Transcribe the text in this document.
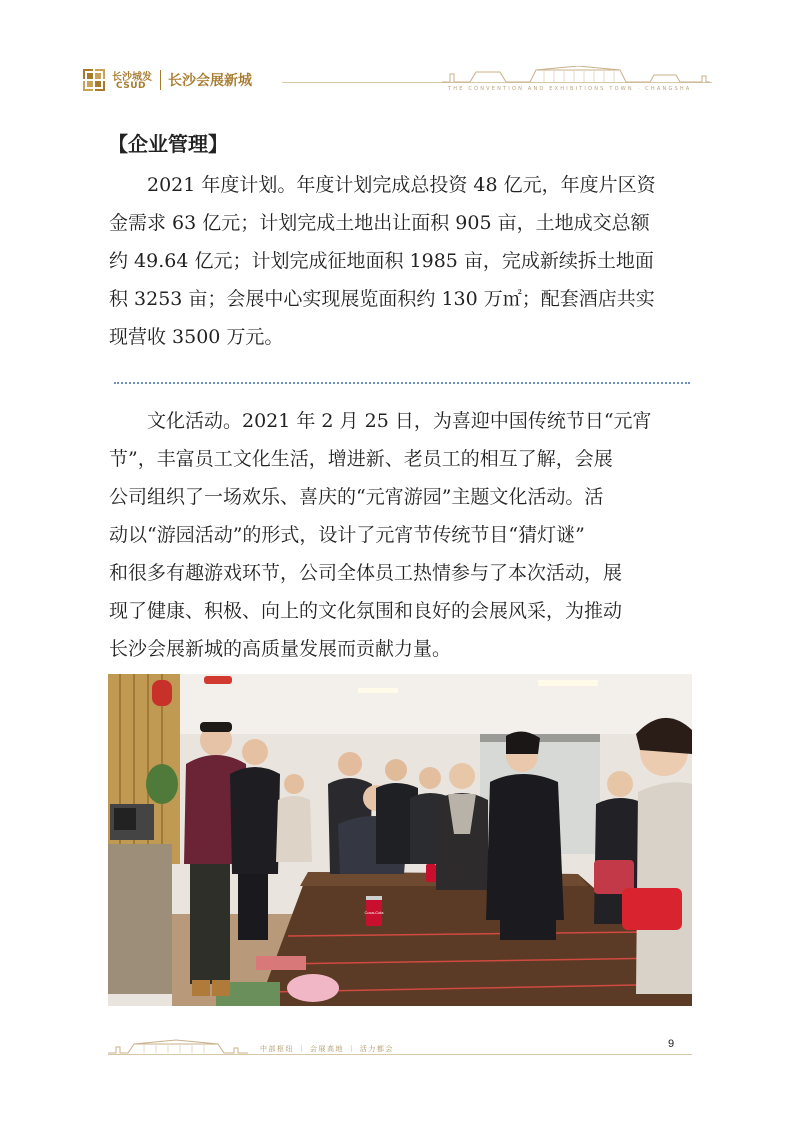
长沙城发
CSUD 长沙会展新城	THE CONVENTION AND EXHIBITIONS TOWN · CHANGSHA
【企业管理】

　　2021 年度计划。年度计划完成总投资 48 亿元，年度片区资
金需求 63 亿元；计划完成土地出让面积 905 亩，土地成交总额
约 49.64 亿元；计划完成征地面积 1985 亩，完成新续拆土地面
积 3253 亩；会展中心实现展览面积约 130 万㎡；配套酒店共实
现营收 3500 万元。

　　文化活动。2021 年 2 月 25 日，为喜迎中国传统节日“元宵
节”，丰富员工文化生活，增进新、老员工的相互了解，会展
公司组织了一场欢乐、喜庆的“元宵游园”主题文化活动。活
动以“游园活动”的形式，设计了元宵节传统节目“猜灯谜”
和很多有趣游戏环节，公司全体员工热情参与了本次活动，展
现了健康、积极、向上的文化氛围和良好的会展风采，为推动
长沙会展新城的高质量发展而贡献力量。

Coca-Cola
中部枢纽 ｜ 会展高地 ｜ 活力都会	9
